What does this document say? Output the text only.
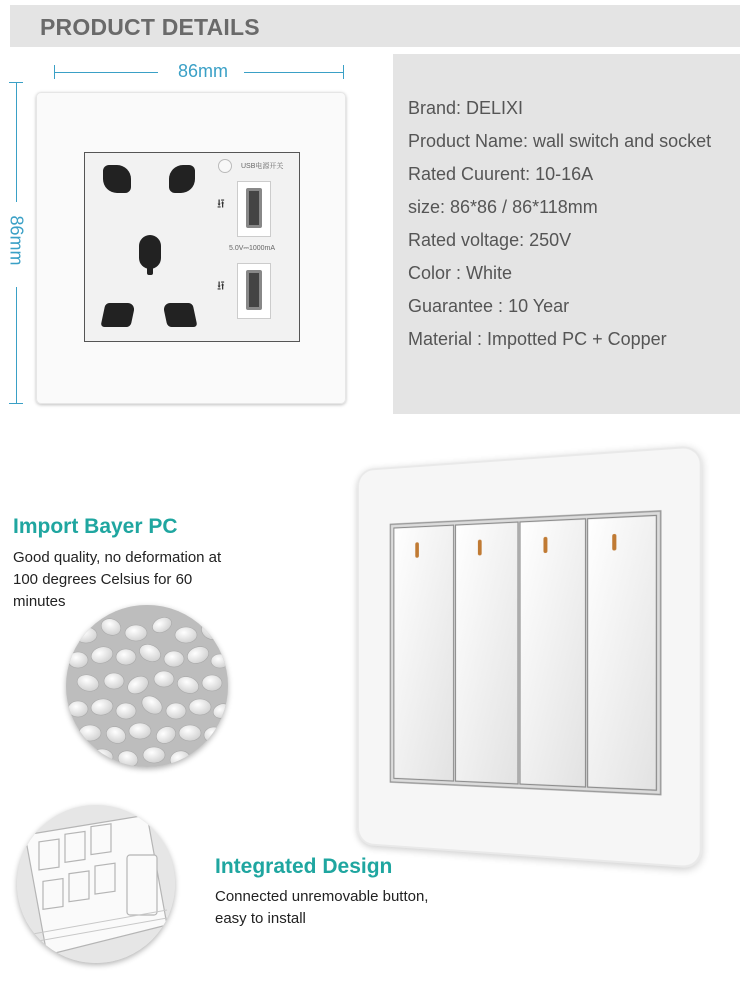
PRODUCT DETAILS
86mm
86mm
USB电源开关
⭿
5.0V⎓1000mA
⭿
Brand: DELIXI
Product Name: wall switch and socket
Rated Cuurent: 10-16A
size: 86*86 / 86*118mm
Rated voltage: 250V
Color : White
Guarantee : 10 Year
Material : Impotted PC + Copper
Import Bayer PC
Good quality, no deformation at
100 degrees Celsius for 60
minutes
Integrated Design
Connected unremovable button,
easy to install
